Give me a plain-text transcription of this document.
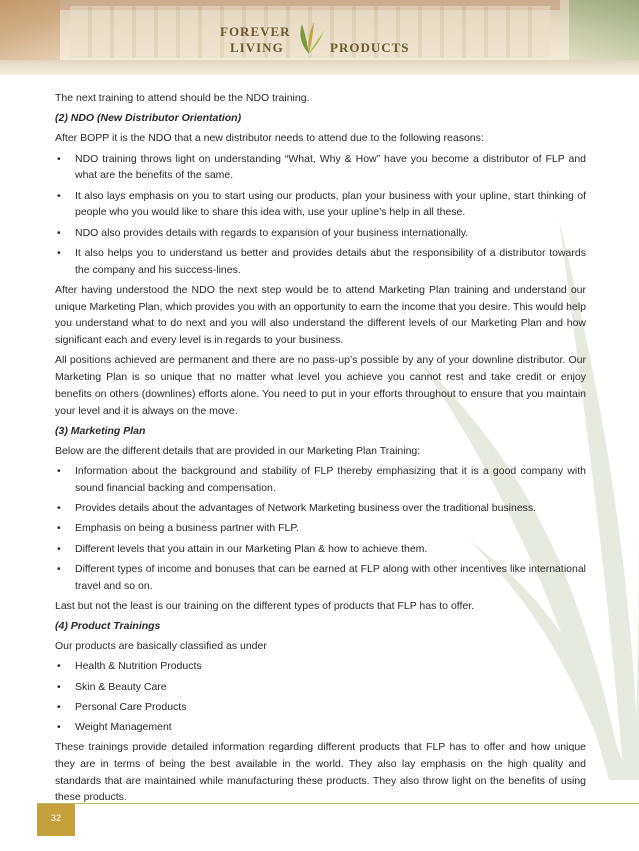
FOREVER
LIVING	PRODUCTS

The next training to attend should be the NDO training.

(2) NDO (New Distributor Orientation)

After BOPP it is the NDO that a new distributor needs to attend due to the following reasons:

• NDO training throws light on understanding “What, Why & How” have you become a distributor of FLP and what are the benefits of the same.
• It also lays emphasis on you to start using our products, plan your business with your upline, start thinking of people who you would like to share this idea with, use your upline’s help in all these.
• NDO also provides details with regards to expansion of your business internationally.
• It also helps you to understand us better and provides details abut the responsibility of a distributor towards the company and his success-lines.

After having understood the NDO the next step would be to attend Marketing Plan training and understand our unique Marketing Plan, which provides you with an opportunity to earn the income that you desire. This would help you understand what to do next and you will also understand the different levels of our Marketing Plan and how significant each and every level is in regards to your business.

All positions achieved are permanent and there are no pass-up’s possible by any of your downline distributor. Our Marketing Plan is so unique that no matter what level you achieve you cannot rest and take credit or enjoy benefits on others (downlines) efforts alone. You need to put in your efforts throughout to ensure that you maintain your level and it is always on the move.

(3) Marketing Plan

Below are the different details that are provided in our Marketing Plan Training:

• Information about the background and stability of FLP thereby emphasizing that it is a good company with sound financial backing and compensation.
• Provides details about the advantages of Network Marketing business over the traditional business.
• Emphasis on being a business partner with FLP.
• Different levels that you attain in our Marketing Plan & how to achieve them.
• Different types of income and bonuses that can be earned at FLP along with other incentives like international travel and so on.

Last but not the least is our training on the different types of products that FLP has to offer.

(4) Product Trainings

Our products are basically classified as under

• Health & Nutrition Products
• Skin & Beauty Care
• Personal Care Products
• Weight Management

These trainings provide detailed information regarding different products that FLP has to offer and how unique they are in terms of being the best available in the world. They also lay emphasis on the high quality and standards that are maintained while manufacturing these products. They also throw light on the benefits of using these products.

32
